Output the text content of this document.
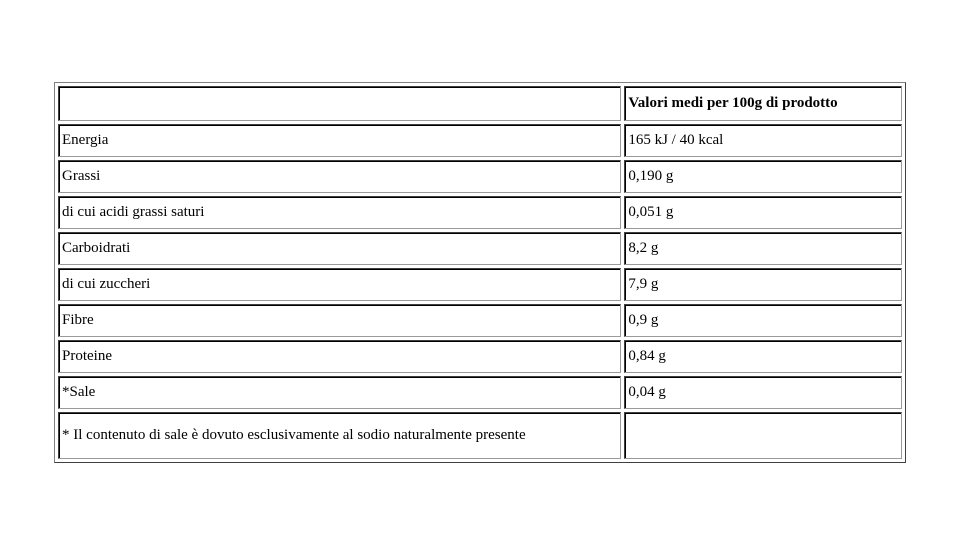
	Valori medi per 100g di prodotto
Energia	165 kJ / 40 kcal
Grassi	0,190 g
di cui acidi grassi saturi	0,051 g
Carboidrati	8,2 g
di cui zuccheri	7,9 g
Fibre	0,9 g
Proteine	0,84 g
*Sale	0,04 g
* Il contenuto di sale è dovuto esclusivamente al sodio naturalmente presente	
